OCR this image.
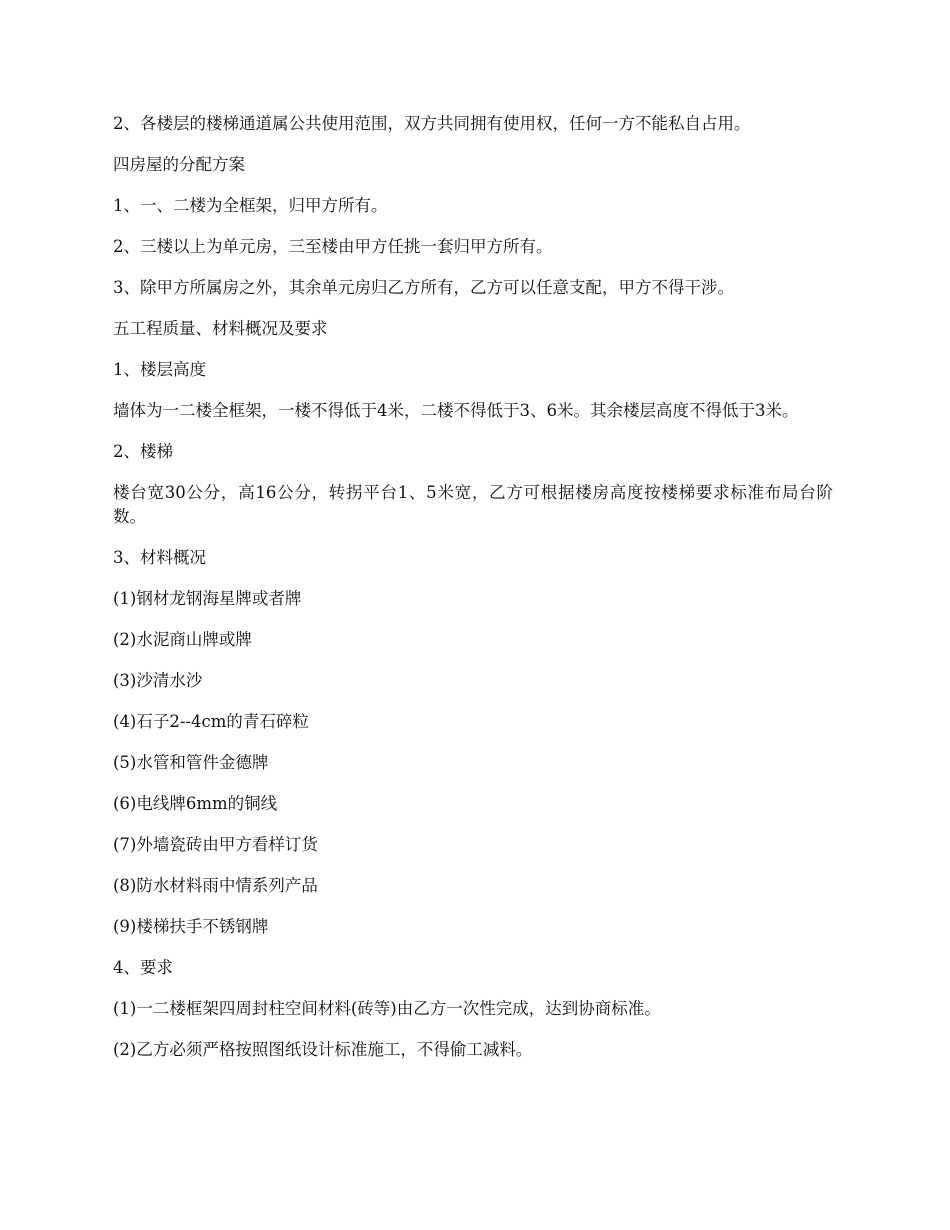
2、各楼层的楼梯通道属公共使用范围，双方共同拥有使用权，任何一方不能私自占用。

四房屋的分配方案

1、一、二楼为全框架，归甲方所有。

2、三楼以上为单元房，三至楼由甲方任挑一套归甲方所有。

3、除甲方所属房之外，其余单元房归乙方所有，乙方可以任意支配，甲方不得干涉。

五工程质量、材料概况及要求

1、楼层高度

墙体为一二楼全框架，一楼不得低于4米，二楼不得低于3、6米。其余楼层高度不得低于3米。

2、楼梯

楼台宽30公分，高16公分，转拐平台1、5米宽，乙方可根据楼房高度按楼梯要求标准布局台阶数。

3、材料概况

(1)钢材龙钢海星牌或者牌

(2)水泥商山牌或牌

(3)沙清水沙

(4)石子2--4cm的青石碎粒

(5)水管和管件金德牌

(6)电线牌6mm的铜线

(7)外墙瓷砖由甲方看样订货

(8)防水材料雨中情系列产品

(9)楼梯扶手不锈钢牌

4、要求

(1)一二楼框架四周封柱空间材料(砖等)由乙方一次性完成，达到协商标准。

(2)乙方必须严格按照图纸设计标准施工，不得偷工减料。
